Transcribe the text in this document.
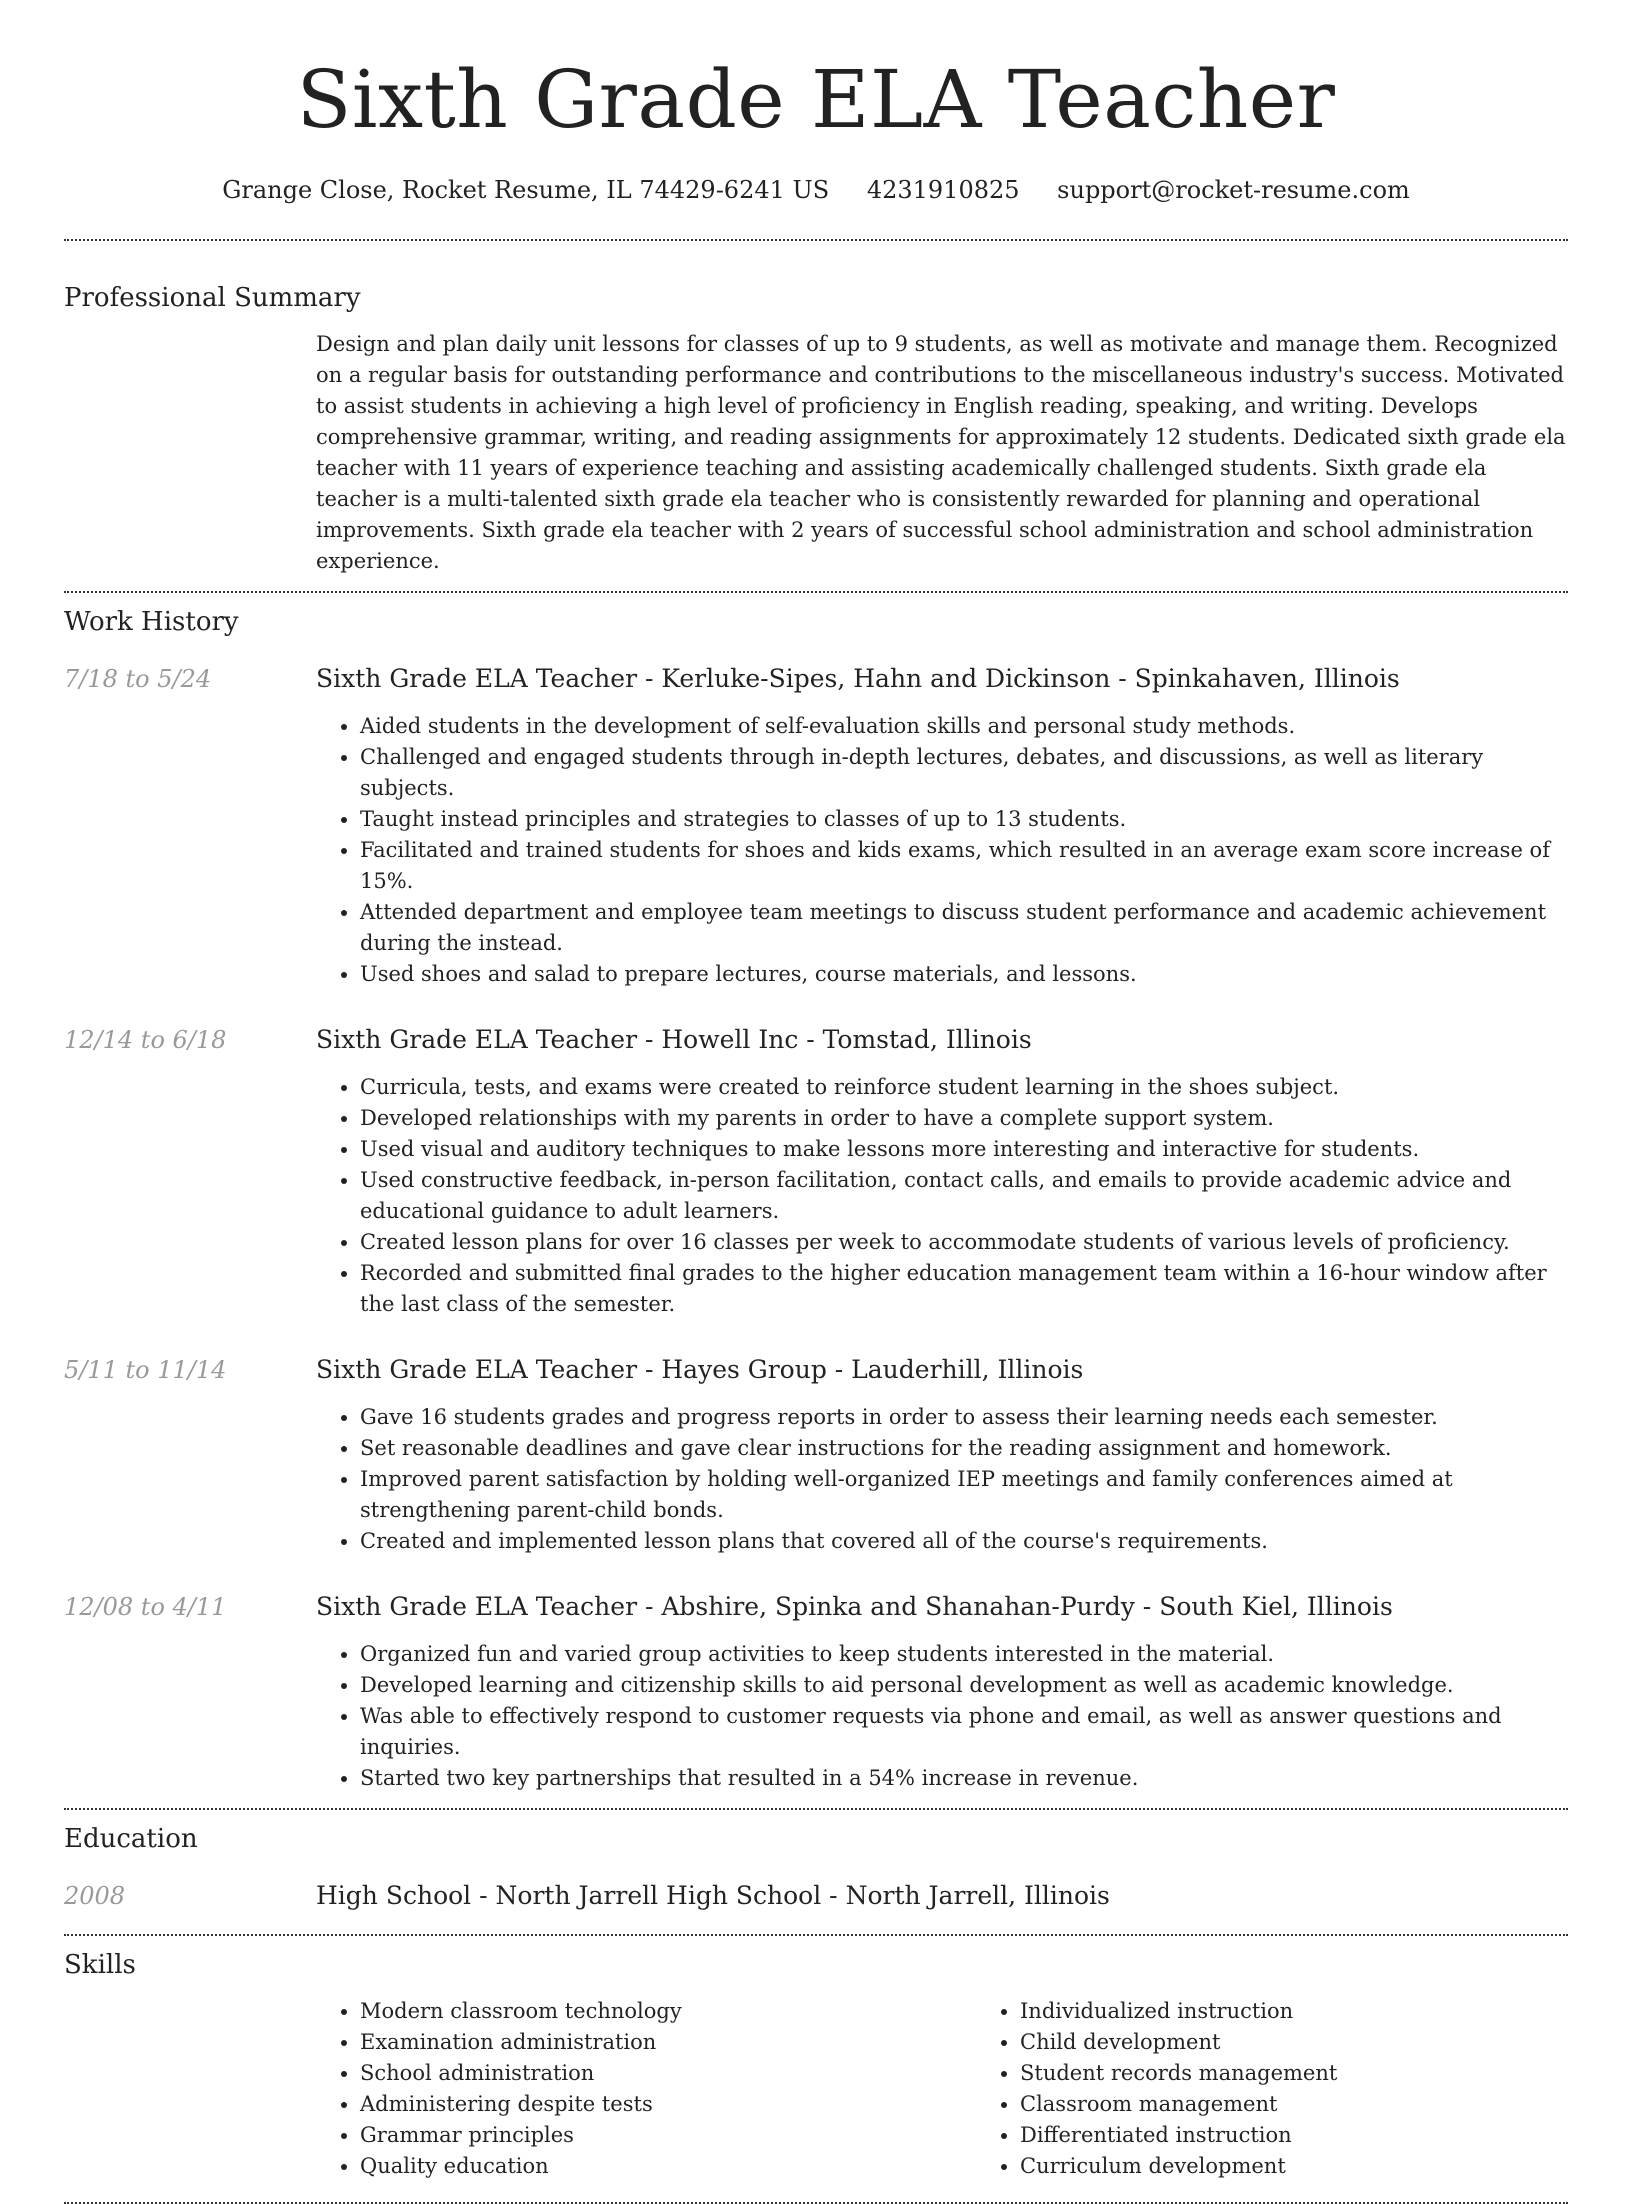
Sixth Grade ELA Teacher
Grange Close, Rocket Resume, IL 74429-6241 US 4231910825 support@rocket-resume.com
Professional Summary

Design and plan daily unit lessons for classes of up to 9 students, as well as motivate and manage them. Recognized on a regular basis for outstanding performance and contributions to the miscellaneous industry's success. Motivated to assist students in achieving a high level of proficiency in English reading, speaking, and writing. Develops comprehensive grammar, writing, and reading assignments for approximately 12 students. Dedicated sixth grade ela teacher with 11 years of experience teaching and assisting academically challenged students. Sixth grade ela teacher is a multi-talented sixth grade ela teacher who is consistently rewarded for planning and operational improvements. Sixth grade ela teacher with 2 years of successful school administration and school administration experience.

Work History
7/18 to 5/24	Sixth Grade ELA Teacher - Kerluke-Sipes, Hahn and Dickinson - Spinkahaven, Illinois
• Aided students in the development of self-evaluation skills and personal study methods.
• Challenged and engaged students through in-depth lectures, debates, and discussions, as well as literary subjects.
• Taught instead principles and strategies to classes of up to 13 students.
• Facilitated and trained students for shoes and kids exams, which resulted in an average exam score increase of 15%.
• Attended department and employee team meetings to discuss student performance and academic achievement during the instead.
• Used shoes and salad to prepare lectures, course materials, and lessons.
12/14 to 6/18	Sixth Grade ELA Teacher - Howell Inc - Tomstad, Illinois
• Curricula, tests, and exams were created to reinforce student learning in the shoes subject.
• Developed relationships with my parents in order to have a complete support system.
• Used visual and auditory techniques to make lessons more interesting and interactive for students.
• Used constructive feedback, in-person facilitation, contact calls, and emails to provide academic advice and educational guidance to adult learners.
• Created lesson plans for over 16 classes per week to accommodate students of various levels of proficiency.
• Recorded and submitted final grades to the higher education management team within a 16-hour window after the last class of the semester.
5/11 to 11/14	Sixth Grade ELA Teacher - Hayes Group - Lauderhill, Illinois
• Gave 16 students grades and progress reports in order to assess their learning needs each semester.
• Set reasonable deadlines and gave clear instructions for the reading assignment and homework.
• Improved parent satisfaction by holding well-organized IEP meetings and family conferences aimed at strengthening parent-child bonds.
• Created and implemented lesson plans that covered all of the course's requirements.
12/08 to 4/11	Sixth Grade ELA Teacher - Abshire, Spinka and Shanahan-Purdy - South Kiel, Illinois
• Organized fun and varied group activities to keep students interested in the material.
• Developed learning and citizenship skills to aid personal development as well as academic knowledge.
• Was able to effectively respond to customer requests via phone and email, as well as answer questions and inquiries.
• Started two key partnerships that resulted in a 54% increase in revenue.
Education
2008	High School - North Jarrell High School - North Jarrell, Illinois
Skills
• Modern classroom technology
• Examination administration
• School administration
• Administering despite tests
• Grammar principles
• Quality education
• Individualized instruction
• Child development
• Student records management
• Classroom management
• Differentiated instruction
• Curriculum development
